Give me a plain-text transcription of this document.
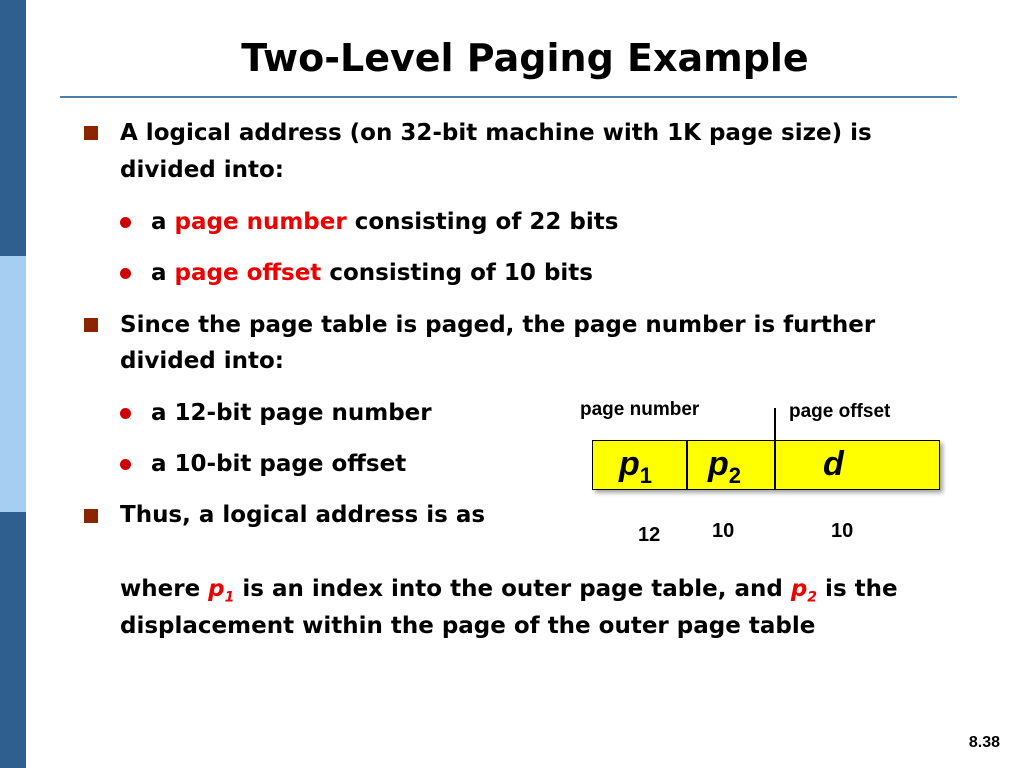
Two-Level Paging Example
A logical address (on 32-bit machine with 1K page size) is
divided into:
a page number consisting of 22 bits
a page offset consisting of 10 bits
Since the page table is paged, the page number is further
divided into:
a 12-bit page number
a 10-bit page offset
Thus, a logical address is as
where $p_1$ is an index into the outer page table, and $p_2$ is the
displacement within the page of the outer page table
page number	page offset
$p_1$ $p_2$ d
12	10	10
8.38
